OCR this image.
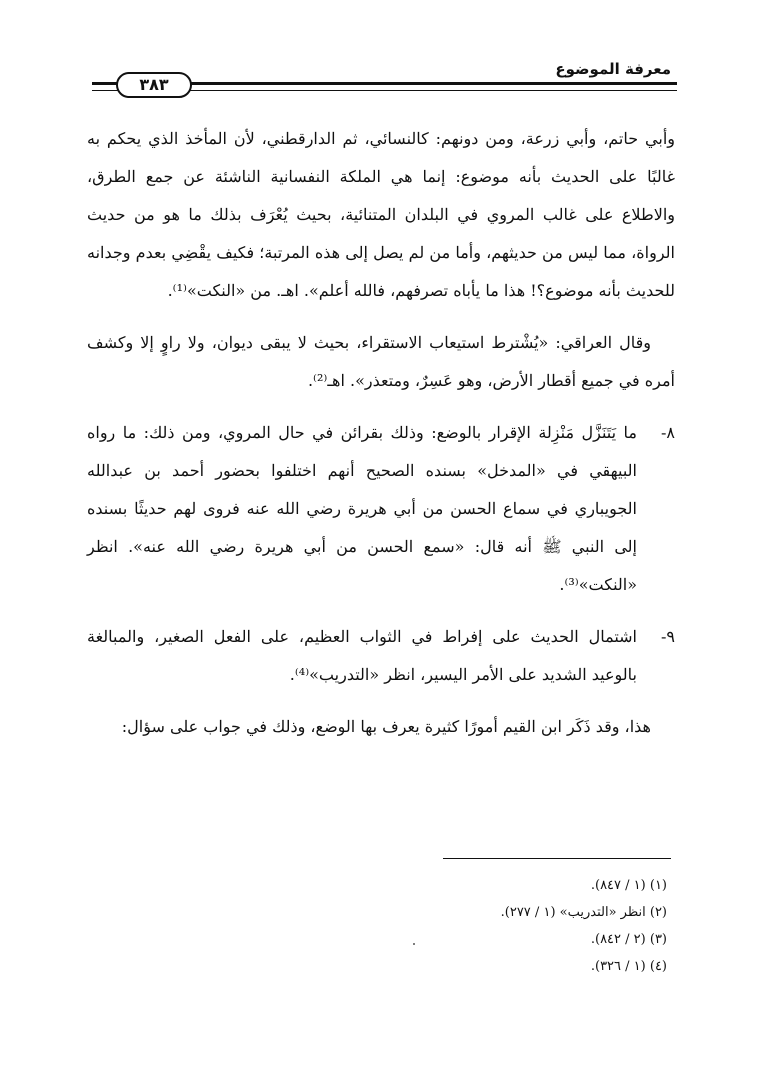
معرفة الموضوع
٣٨٣

وأبي حاتم، وأبي زرعة، ومن دونهم: كالنسائي، ثم الدارقطني، لأن المأخذ الذي يحكم به غالبًا على الحديث بأنه موضوع: إنما هي الملكة النفسانية الناشئة عن جمع الطرق، والاطلاع على غالب المروي في البلدان المتنائية، بحيث يُعْرَف بذلك ما هو من حديث الرواة، مما ليس من حديثهم، وأما من لم يصل إلى هذه المرتبة؛ فكيف يقْضِي بعدم وجدانه للحديث بأنه موضوع؟! هذا ما يأباه تصرفهم، فالله أعلم». اهـ. من «النكت»⁽¹⁾.

وقال العراقي: «يُشْترط استيعاب الاستقراء، بحيث لا يبقى ديوان، ولا راوٍ إلا وكشف أمره في جميع أقطار الأرض، وهو عَسِرٌ، ومتعذر». اهـ⁽²⁾.

٨-
ما يَتَنَزَّل مَنْزِلة الإقرار بالوضع: وذلك بقرائن في حال المروي، ومن ذلك: ما رواه البيهقي في «المدخل» بسنده الصحيح أنهم اختلفوا بحضور أحمد بن عبدالله الجويباري في سماع الحسن من أبي هريرة رضي الله عنه فروى لهم حديثًا بسنده إلى النبي ﷺ أنه قال: «سمع الحسن من أبي هريرة رضي الله عنه». انظر «النكت»⁽³⁾.
٩-
اشتمال الحديث على إفراط في الثواب العظيم، على الفعل الصغير، والمبالغة بالوعيد الشديد على الأمر اليسير، انظر «التدريب»⁽⁴⁾.

هذا، وقد ذَكَر ابن القيم أمورًا كثيرة يعرف بها الوضع، وذلك في جواب على سؤال:

(١) (١ / ٨٤٧).
(٢) انظر «التدريب» (١ / ٢٧٧).
(٣) (٢ / ٨٤٢).
(٤) (١ / ٣٢٦).
